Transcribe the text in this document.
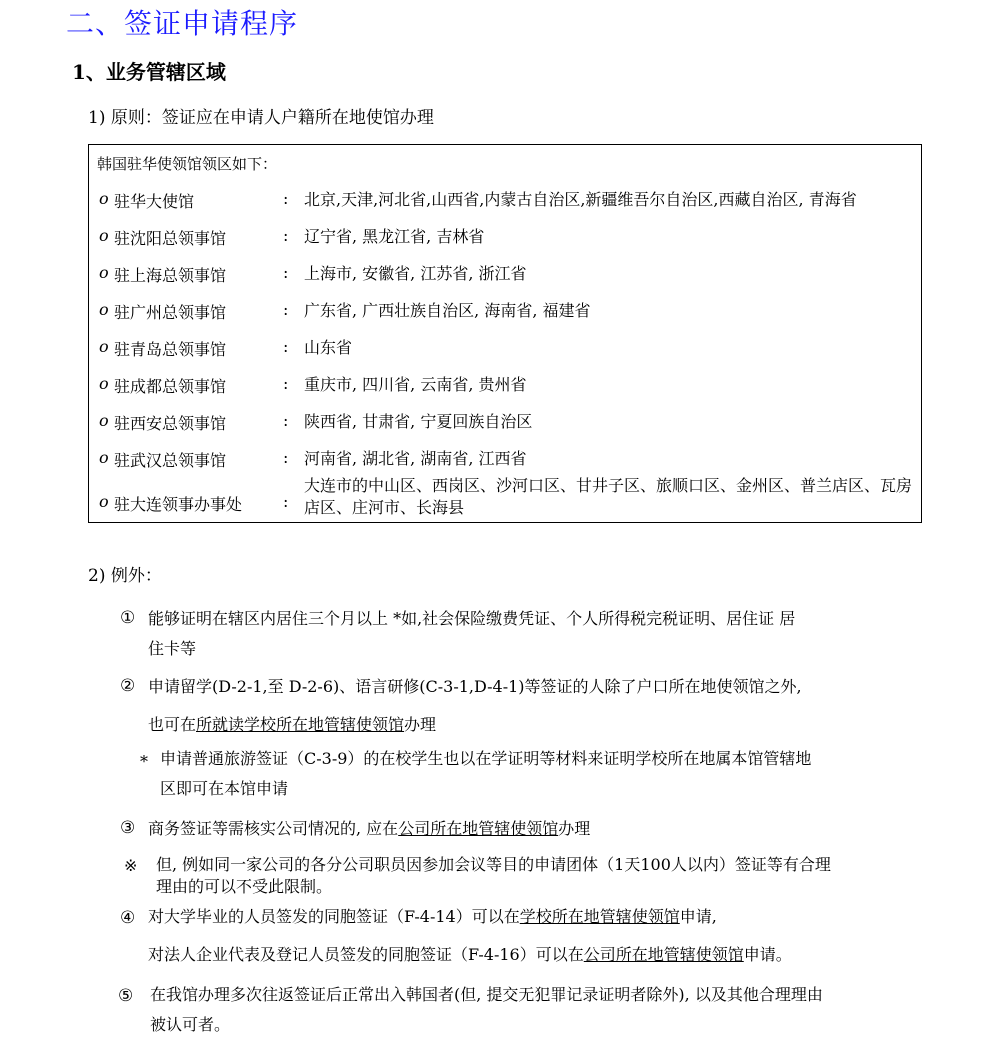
二、签证申请程序
1、业务管辖区域

1) 原则：签证应在申请人户籍所在地使馆办理

韩国驻华使领馆领区如下：
o 驻华大使馆	: 北京,天津,河北省,山西省,内蒙古自治区,新疆维吾尔自治区,西藏自治区, 青海省
o 驻沈阳总领事馆	: 辽宁省, 黑龙江省, 吉林省
o 驻上海总领事馆	: 上海市, 安徽省, 江苏省, 浙江省
o 驻广州总领事馆	: 广东省, 广西壮族自治区, 海南省, 福建省
o 驻青岛总领事馆	: 山东省
o 驻成都总领事馆	: 重庆市, 四川省, 云南省, 贵州省
o 驻西安总领事馆	: 陕西省, 甘肃省, 宁夏回族自治区
o 驻武汉总领事馆	: 河南省, 湖北省, 湖南省, 江西省
o 驻大连领事办事处	:
大连市的中山区、西岗区、沙河口区、甘井子区、旅顺口区、金州区、普兰店区、瓦房店区、庄河市、长海县

2) 例外：

① 能够证明在辖区内居住三个月以上 *如,社会保险缴费凭证、个人所得税完税证明、居住证 居

住卡等

② 申请留学(D-2-1,至 D-2-6)、语言研修(C-3-1,D-4-1)等签证的人除了户口所在地使领馆之外,

也可在所就读学校所在地管辖使领馆办理

* 申请普通旅游签证（C-3-9）的在校学生也以在学证明等材料来证明学校所在地属本馆管辖地

区即可在本馆申请

③ 商务签证等需核实公司情况的, 应在公司所在地管辖使领馆办理

※ 但, 例如同一家公司的各分公司职员因参加会议等目的申请团体（1天100人以内）签证等有合理

理由的可以不受此限制。

④ 对大学毕业的人员签发的同胞签证（F-4-14）可以在学校所在地管辖使领馆申请,

对法人企业代表及登记人员签发的同胞签证（F-4-16）可以在公司所在地管辖使领馆申请。

⑤ 在我馆办理多次往返签证后正常出入韩国者(但, 提交无犯罪记录证明者除外), 以及其他合理理由

被认可者。
